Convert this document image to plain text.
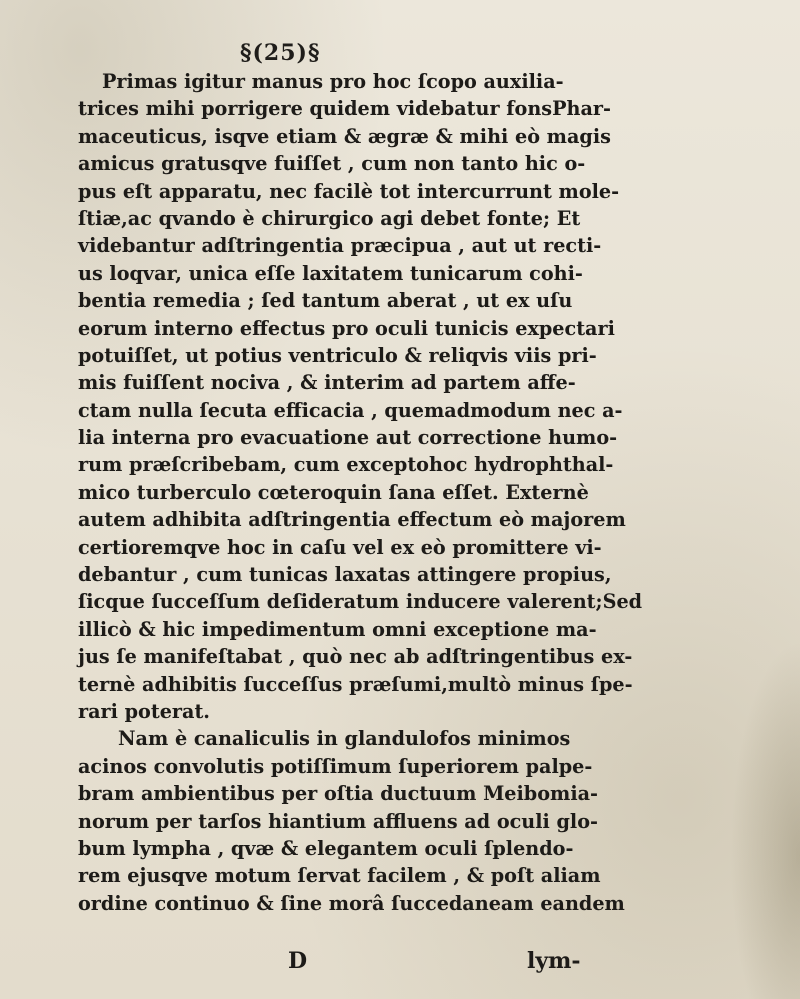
§(25)§
Primas igitur manus pro hoc ſcopo auxilia-
trices mihi porrigere quidem videbatur fonsPhar-
maceuticus, isqve etiam & ægræ & mihi eò magis
amicus gratusqve fuiſſet , cum non tanto hic o-
pus eſt apparatu, nec facilè tot intercurrunt mole-
ſtiæ,ac qvando è chirurgico agi debet fonte; Et
videbantur adſtringentia præcipua , aut ut recti-
us loqvar, unica eſſe laxitatem tunicarum cohi-
bentia remedia ; ſed tantum aberat , ut ex uſu
eorum interno effectus pro oculi tunicis expectari
potuiſſet, ut potius ventriculo & reliqvis viis pri-
mis fuiſſent nociva , & interim ad partem affe-
ctam nulla ſecuta efficacia , quemadmodum nec a-
lia interna pro evacuatione aut correctione humo-
rum præſcribebam, cum exceptohoc hydrophthal-
mico turberculo cœteroquin ſana eſſet. Externè
autem adhibita adſtringentia effectum eò majorem
certioremqve hoc in caſu vel ex eò promittere vi-
debantur , cum tunicas laxatas attingere propius,
ſicque ſucceſſum deſideratum inducere valerent;Sed
illicò & hic impedimentum omni exceptione ma-
jus ſe manifeſtabat , quò nec ab adſtringentibus ex-
ternè adhibitis ſucceſſus præſumi,multò minus ſpe-
rari poterat.
Nam è canaliculis in glandulofos minimos
acinos convolutis potiſſimum ſuperiorem palpe-
bram ambientibus per oſtia ductuum Meibomia-
norum per tarſos hiantium affluens ad oculi glo-
bum lympha , qvæ & elegantem oculi ſplendo-
rem ejusqve motum ſervat facilem , & poſt aliam
ordine continuo & ſine morâ ſuccedaneam eandem
D	lym-
